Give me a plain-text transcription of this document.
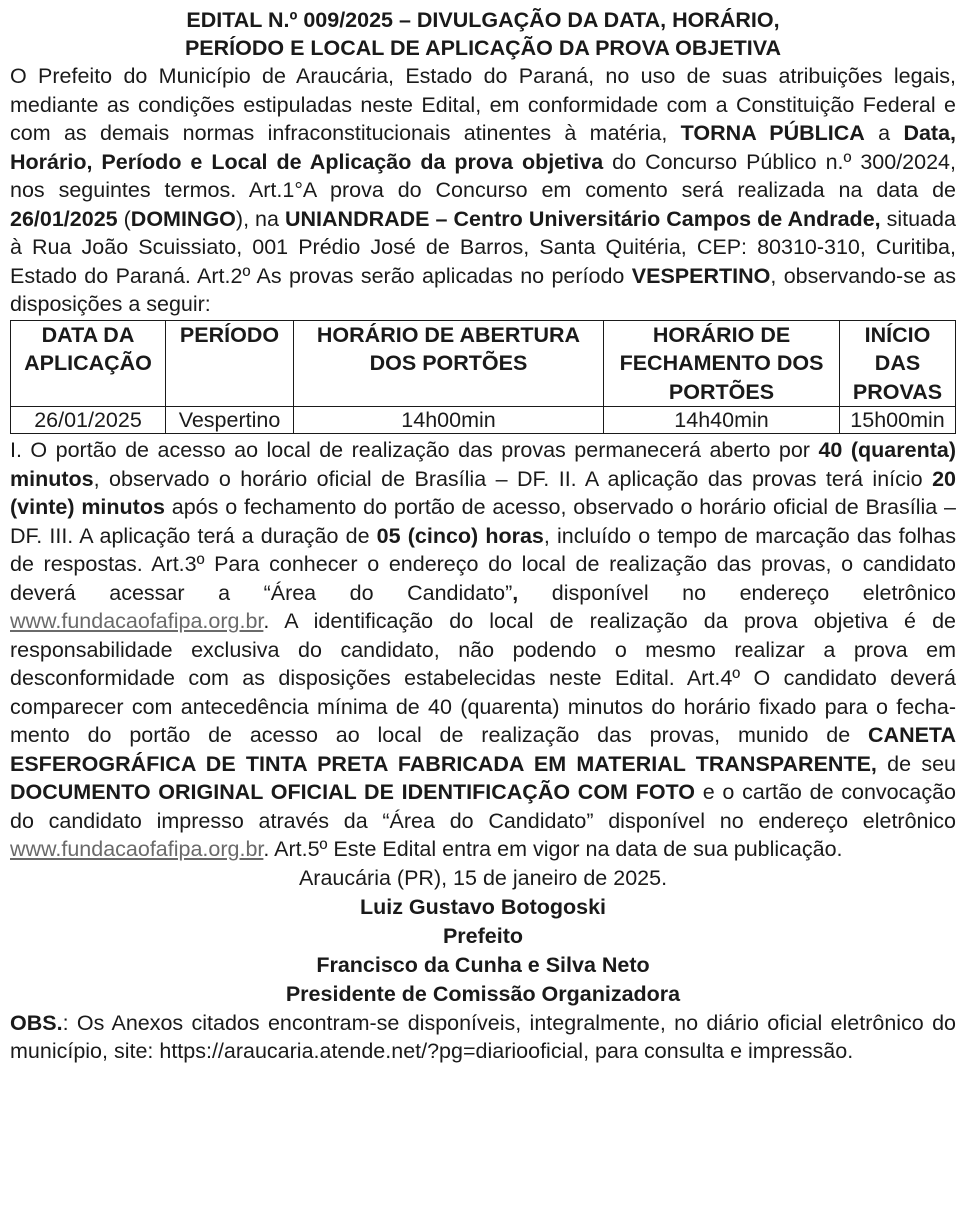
EDITAL N.º 009/2025 – DIVULGAÇÃO DA DATA, HORÁRIO,
PERÍODO E LOCAL DE APLICAÇÃO DA PROVA OBJETIVA

O Prefeito do Município de Araucária, Estado do Paraná, no uso de suas atribuições legais, mediante as condições estipuladas neste Edital, em conformidade com a Constituição Federal e com as demais normas infraconstitucionais atinentes à matéria, TORNA PÚBLICA a Data, Horário, Período e Local de Aplicação da prova objetiva do Concurso Público n.º 300/2024, nos seguintes termos. Art.1°A prova do Concurso em comento será realizada na data de 26/01/2025 (DOMINGO), na UNIANDRADE – Centro Universitário Campos de Andrade, situada à Rua João Scuissiato, 001 Prédio José de Barros, Santa Quitéria, CEP: 80310-310, Curitiba, Estado do Paraná. Art.2º As provas serão aplicadas no período VESPERTINO, observando-se as disposições a seguir:

DATA DA APLICAÇÃO	PERÍODO	HORÁRIO DE ABERTURA DOS PORTÕES	HORÁRIO DE FECHAMENTO DOS PORTÕES	INÍCIO DAS PROVAS
26/01/2025	Vespertino	14h00min	14h40min	15h00min

I. O portão de acesso ao local de realização das provas permanecerá aberto por 40 (quarenta) minutos, observado o horário oficial de Brasília – DF. II. A aplicação das provas terá início 20 (vinte) minutos após o fechamento do portão de acesso, observado o horário oficial de Brasília – DF. III. A aplicação terá a duração de 05 (cinco) horas, incluído o tempo de marcação das folhas de respostas. Art.3º Para conhecer o endereço do local de realização das provas, o candidato deverá acessar a “Área do Candidato”, disponível no endereço eletrônico www.fundacaofafipa.org.br. A identificação do local de realização da prova objetiva é de responsabilidade exclusiva do candidato, não podendo o mesmo realizar a prova em desconformidade com as disposições estabelecidas neste Edital. Art.4º O candidato deverá comparecer com antecedência mínima de 40 (quarenta) minutos do horário fixado para o fechamento do portão de acesso ao local de realização das provas, munido de CANETA ESFEROGRÁFICA DE TINTA PRETA FABRICADA EM MATERIAL TRANSPARENTE, de seu DOCUMENTO ORIGINAL OFICIAL DE IDENTIFICAÇÃO COM FOTO e o cartão de convocação do candidato impresso através da “Área do Candidato” disponível no endereço eletrônico www.fundacaofafipa.org.br. Art.5º Este Edital entra em vigor na data de sua publicação.

Araucária (PR), 15 de janeiro de 2025.

Luiz Gustavo Botogoski

Prefeito

Francisco da Cunha e Silva Neto

Presidente de Comissão Organizadora

OBS.: Os Anexos citados encontram-se disponíveis, integralmente, no diário oficial eletrônico do município, site: https://araucaria.atende.net/?pg=diariooficial, para consulta e impressão.
